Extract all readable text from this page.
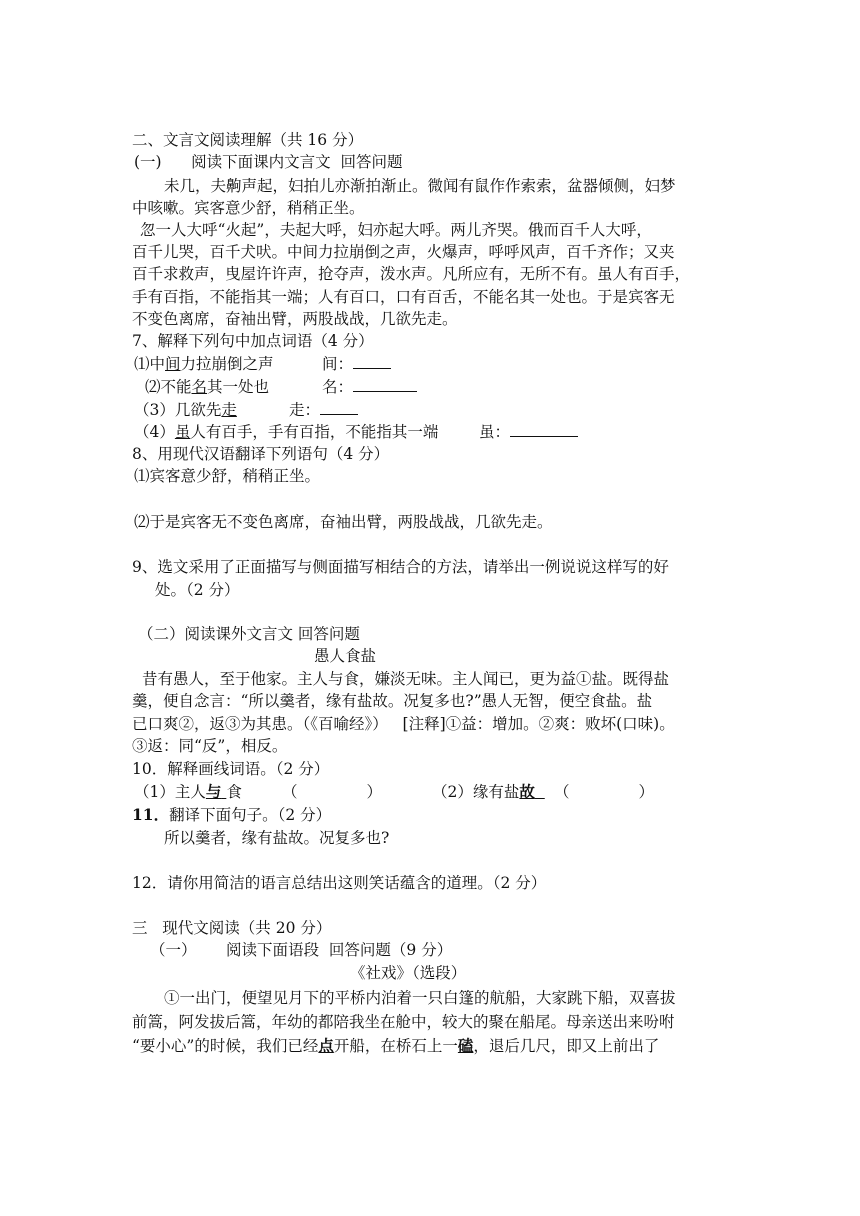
二、文言文阅读理解（共 16 分）
(一)      阅读下面课内文言文  回答问题
未几，夫齁声起，妇拍儿亦渐拍渐止。微闻有鼠作作索索，盆器倾侧，妇梦
中咳嗽。宾客意少舒，稍稍正坐。
忽一人大呼“火起”，夫起大呼，妇亦起大呼。两儿齐哭。俄而百千人大呼，
百千儿哭，百千犬吠。中间力拉崩倒之声，火爆声，呼呼风声，百千齐作；又夹
百千求救声，曳屋许许声，抢夺声，泼水声。凡所应有，无所不有。虽人有百手，
手有百指，不能指其一端；人有百口，口有百舌，不能名其一处也。于是宾客无
不变色离席，奋袖出臂，两股战战，几欲先走。
7、解释下列句中加点词语（4 分）
⑴中间力拉崩倒之声	间：
⑵不能名其一处也	名：
（3）几欲先走	走：
（4）虽人有百手，手有百指，不能指其一端	虽：
8、用现代汉语翻译下列语句（4 分）
⑴宾客意少舒，稍稍正坐。
⑵于是宾客无不变色离席，奋袖出臂，两股战战，几欲先走。
9、选文采用了正面描写与侧面描写相结合的方法，请举出一例说说这样写的好
处。（2 分）
（二）阅读课外文言文 回答问题
愚人食盐
昔有愚人，至于他家。主人与食，嫌淡无味。主人闻已，更为益①盐。既得盐
羹，便自念言：“所以羹者，缘有盐故。况复多也?”愚人无智，便空食盐。盐
已口爽②，返③为其患。（《百喻经》）   [注释]①益：增加。②爽：败坏(口味)。
③返：同“反”，相反。
10．解释画线词语。（2 分）
（1）主人与 食	（              ）	（2）缘有盐故	（              ）
11．翻译下面句子。（2 分）
所以羹者，缘有盐故。况复多也?
12．请你用简洁的语言总结出这则笑话蕴含的道理。（2 分）
三   现代文阅读（共 20 分）
（一）      阅读下面语段  回答问题（9 分）
《社戏》（选段）
①一出门，便望见月下的平桥内泊着一只白篷的航船，大家跳下船，双喜拔
前篙，阿发拔后篙，年幼的都陪我坐在舱中，较大的聚在船尾。母亲送出来吩咐
“要小心”的时候，我们已经点开船，在桥石上一磕，退后几尺，即又上前出了
